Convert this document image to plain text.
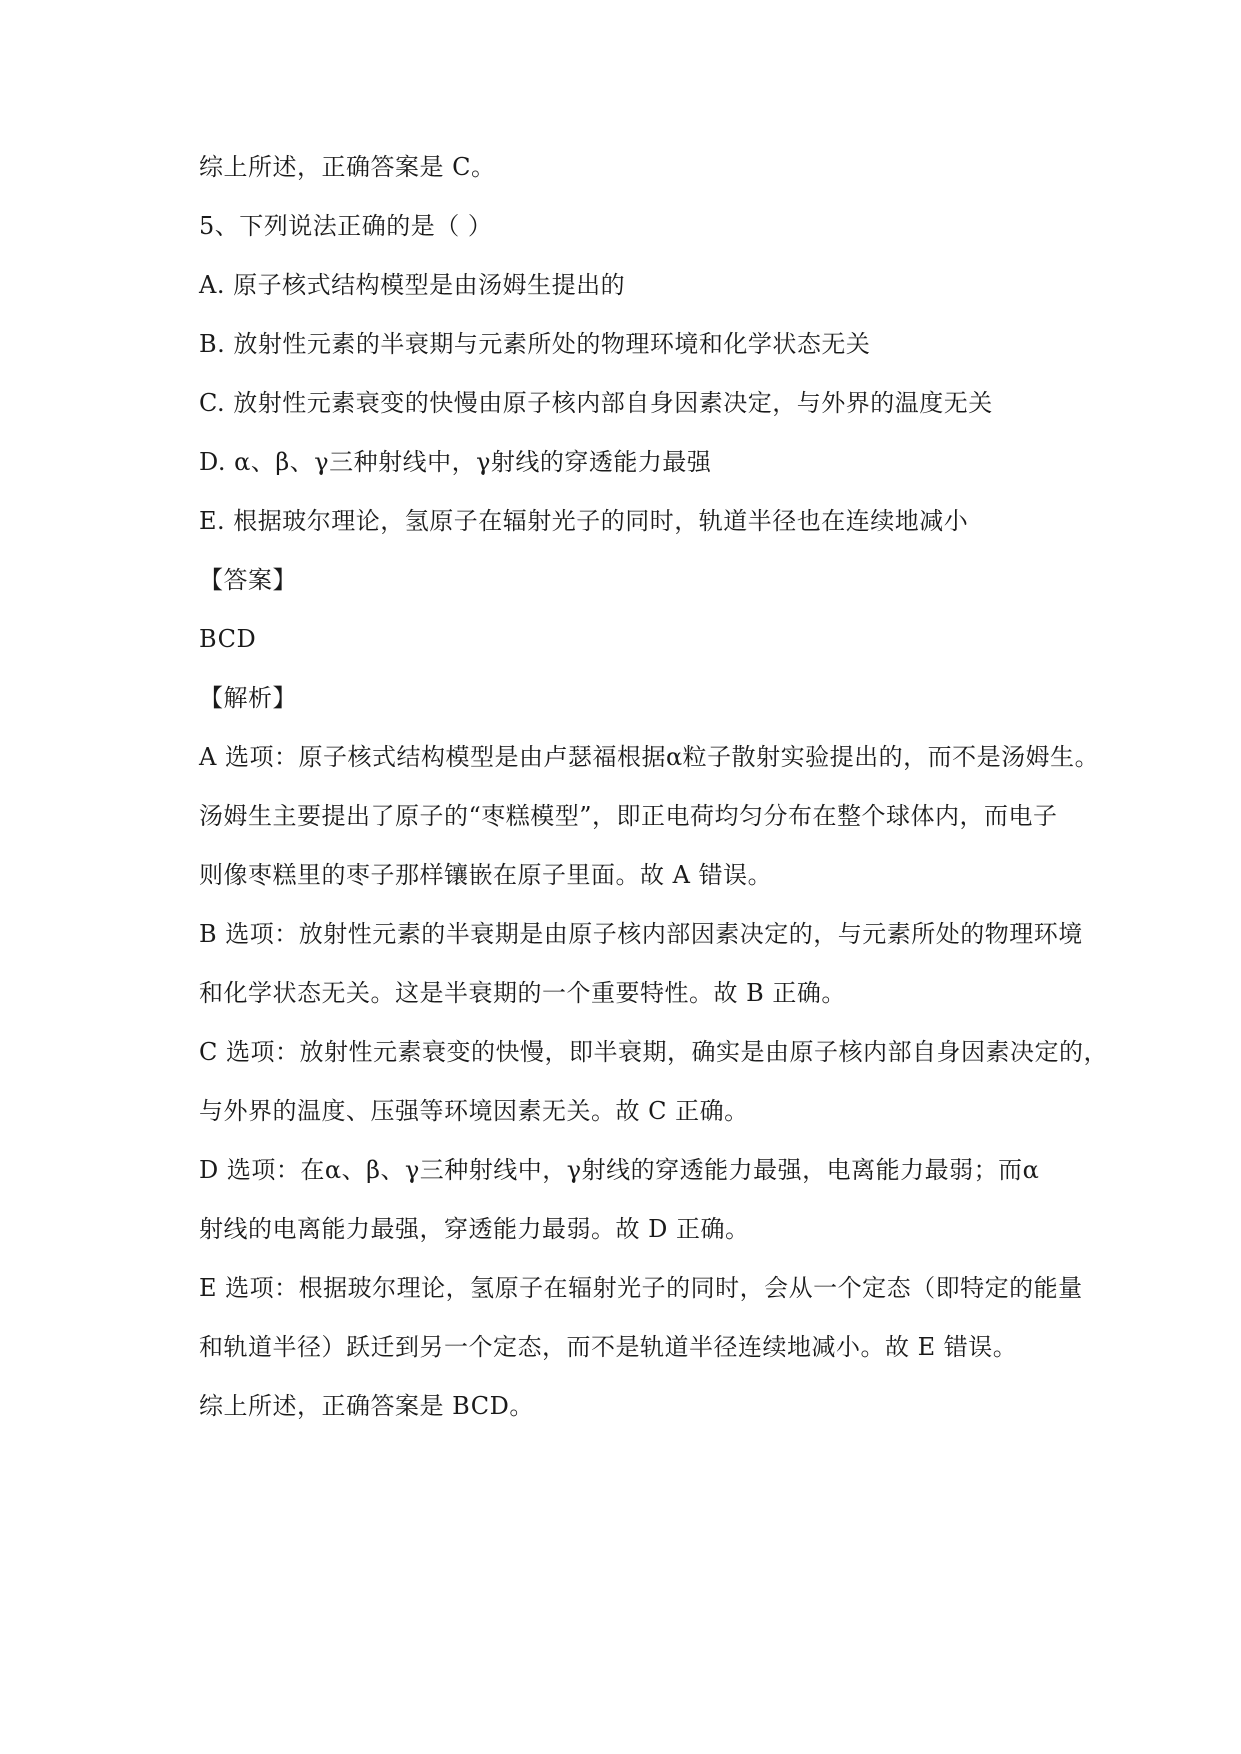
综上所述，正确答案是 C。
5、下列说法正确的是（ ）
A. 原子核式结构模型是由汤姆生提出的
B. 放射性元素的半衰期与元素所处的物理环境和化学状态无关
C. 放射性元素衰变的快慢由原子核内部自身因素决定，与外界的温度无关
D. α、β、γ三种射线中，γ射线的穿透能力最强
E. 根据玻尔理论，氢原子在辐射光子的同时，轨道半径也在连续地减小
【答案】
BCD
【解析】
A 选项：原子核式结构模型是由卢瑟福根据α粒子散射实验提出的，而不是汤姆生。
汤姆生主要提出了原子的“枣糕模型”，即正电荷均匀分布在整个球体内，而电子
则像枣糕里的枣子那样镶嵌在原子里面。故 A 错误。
B 选项：放射性元素的半衰期是由原子核内部因素决定的，与元素所处的物理环境
和化学状态无关。这是半衰期的一个重要特性。故 B 正确。
C 选项：放射性元素衰变的快慢，即半衰期，确实是由原子核内部自身因素决定的，
与外界的温度、压强等环境因素无关。故 C 正确。
D 选项：在α、β、γ三种射线中，γ射线的穿透能力最强，电离能力最弱；而α
射线的电离能力最强，穿透能力最弱。故 D 正确。
E 选项：根据玻尔理论，氢原子在辐射光子的同时，会从一个定态（即特定的能量
和轨道半径）跃迁到另一个定态，而不是轨道半径连续地减小。故 E 错误。
综上所述，正确答案是 BCD。
